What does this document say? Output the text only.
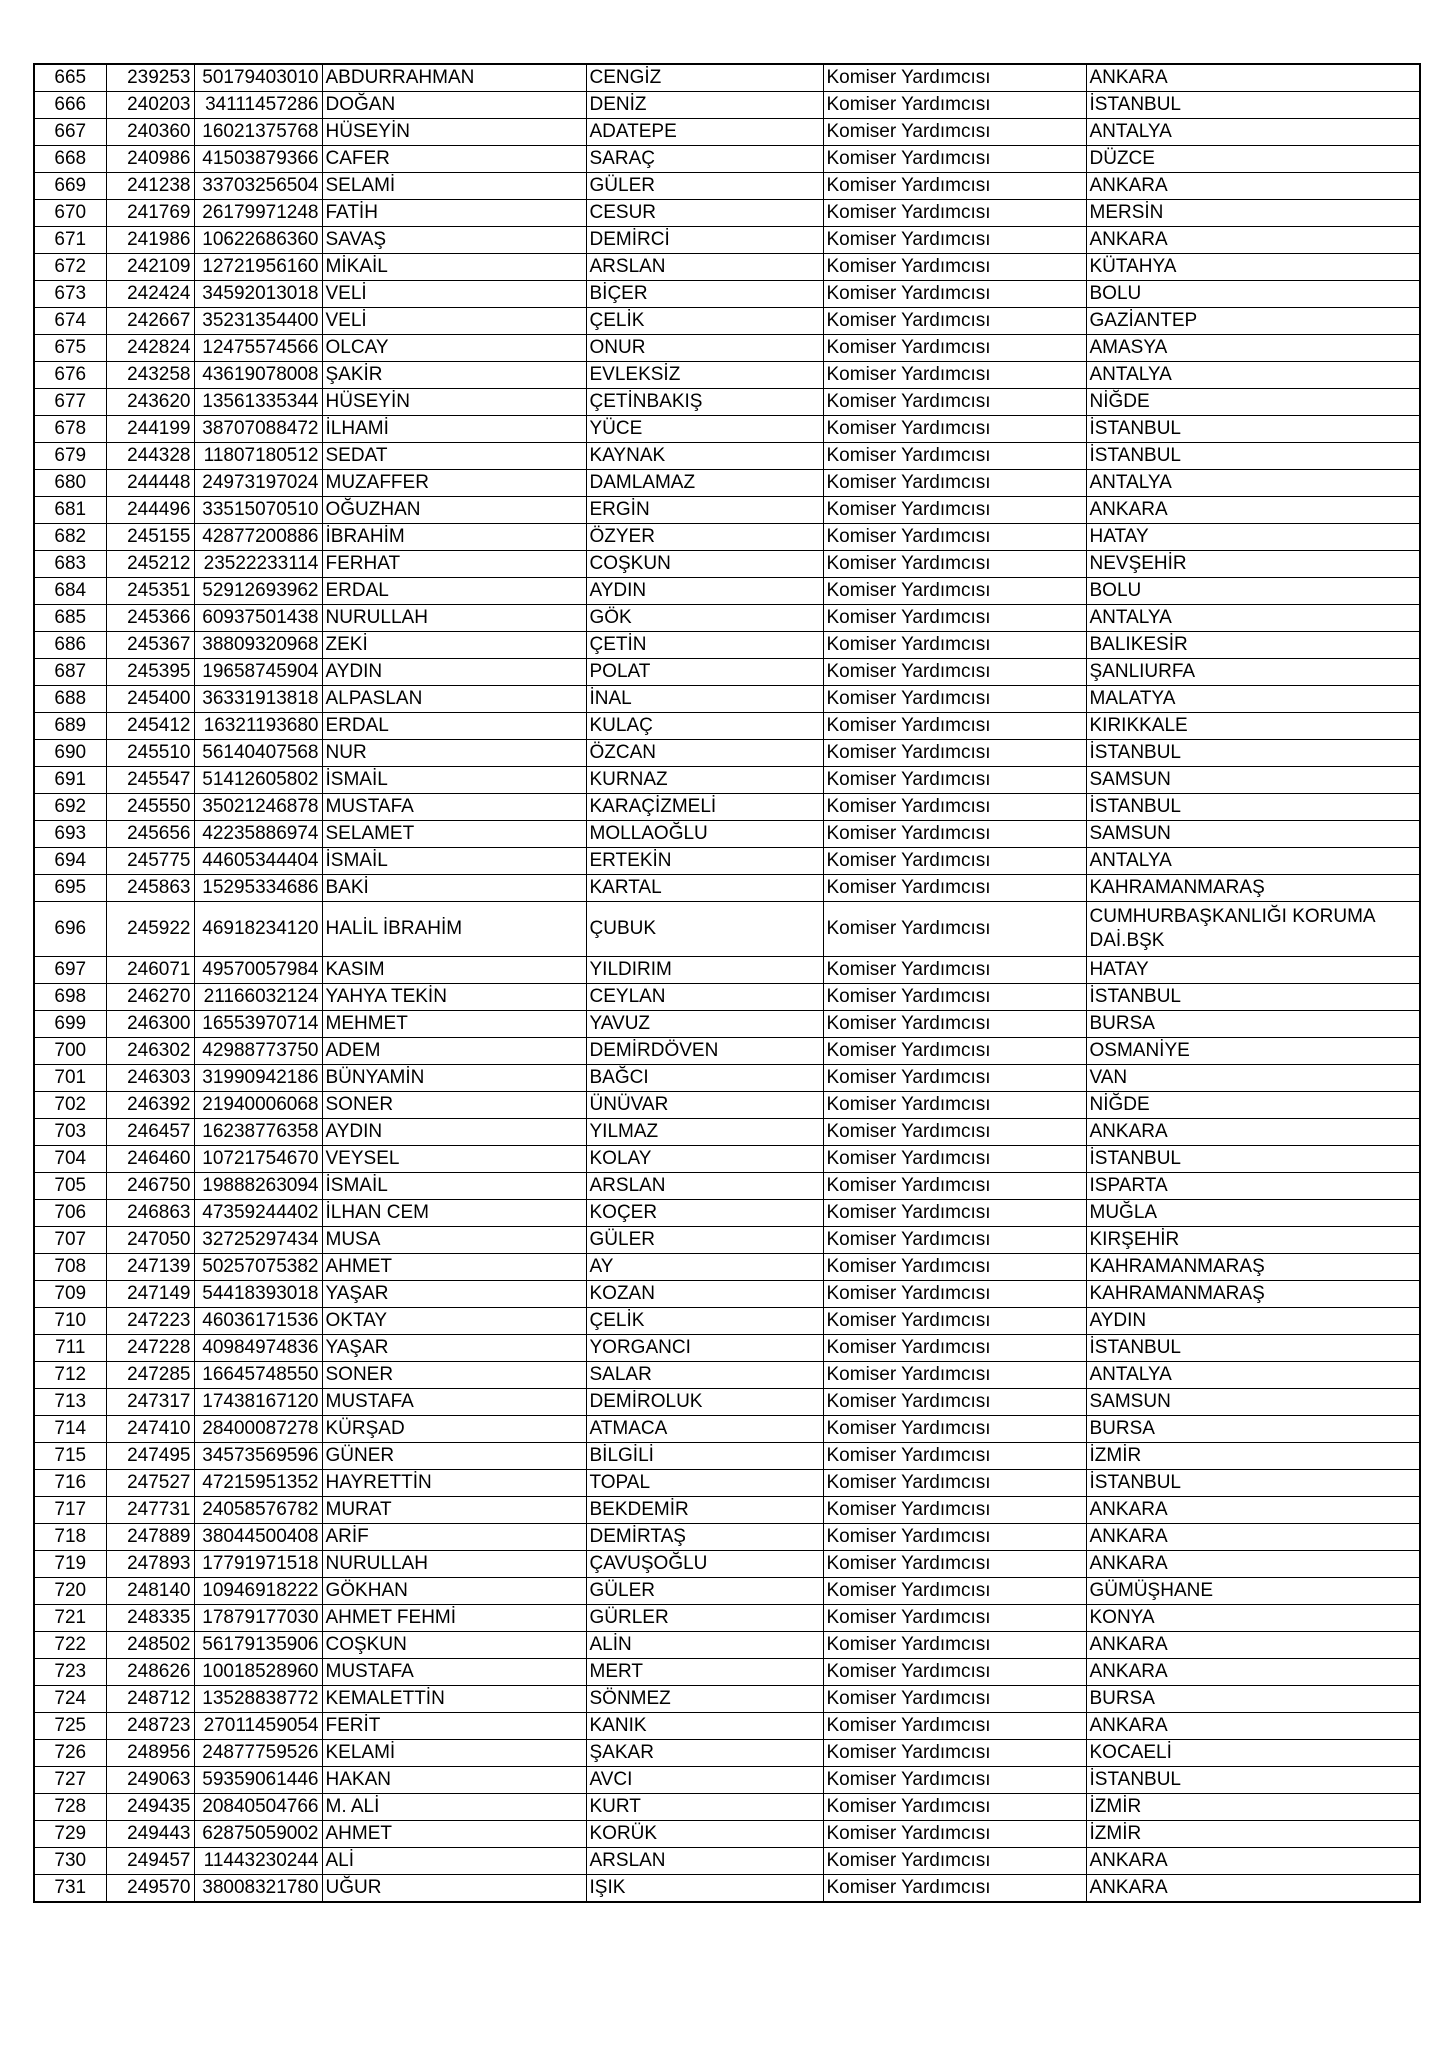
665	239253	50179403010	ABDURRAHMAN	CENGİZ	Komiser Yardımcısı	ANKARA
666	240203	34111457286	DOĞAN	DENİZ	Komiser Yardımcısı	İSTANBUL
667	240360	16021375768	HÜSEYİN	ADATEPE	Komiser Yardımcısı	ANTALYA
668	240986	41503879366	CAFER	SARAÇ	Komiser Yardımcısı	DÜZCE
669	241238	33703256504	SELAMİ	GÜLER	Komiser Yardımcısı	ANKARA
670	241769	26179971248	FATİH	CESUR	Komiser Yardımcısı	MERSİN
671	241986	10622686360	SAVAŞ	DEMİRCİ	Komiser Yardımcısı	ANKARA
672	242109	12721956160	MİKAİL	ARSLAN	Komiser Yardımcısı	KÜTAHYA
673	242424	34592013018	VELİ	BİÇER	Komiser Yardımcısı	BOLU
674	242667	35231354400	VELİ	ÇELİK	Komiser Yardımcısı	GAZİANTEP
675	242824	12475574566	OLCAY	ONUR	Komiser Yardımcısı	AMASYA
676	243258	43619078008	ŞAKİR	EVLEKSİZ	Komiser Yardımcısı	ANTALYA
677	243620	13561335344	HÜSEYİN	ÇETİNBAKIŞ	Komiser Yardımcısı	NİĞDE
678	244199	38707088472	İLHAMİ	YÜCE	Komiser Yardımcısı	İSTANBUL
679	244328	11807180512	SEDAT	KAYNAK	Komiser Yardımcısı	İSTANBUL
680	244448	24973197024	MUZAFFER	DAMLAMAZ	Komiser Yardımcısı	ANTALYA
681	244496	33515070510	OĞUZHAN	ERGİN	Komiser Yardımcısı	ANKARA
682	245155	42877200886	İBRAHİM	ÖZYER	Komiser Yardımcısı	HATAY
683	245212	23522233114	FERHAT	COŞKUN	Komiser Yardımcısı	NEVŞEHİR
684	245351	52912693962	ERDAL	AYDIN	Komiser Yardımcısı	BOLU
685	245366	60937501438	NURULLAH	GÖK	Komiser Yardımcısı	ANTALYA
686	245367	38809320968	ZEKİ	ÇETİN	Komiser Yardımcısı	BALIKESİR
687	245395	19658745904	AYDIN	POLAT	Komiser Yardımcısı	ŞANLIURFA
688	245400	36331913818	ALPASLAN	İNAL	Komiser Yardımcısı	MALATYA
689	245412	16321193680	ERDAL	KULAÇ	Komiser Yardımcısı	KIRIKKALE
690	245510	56140407568	NUR	ÖZCAN	Komiser Yardımcısı	İSTANBUL
691	245547	51412605802	İSMAİL	KURNAZ	Komiser Yardımcısı	SAMSUN
692	245550	35021246878	MUSTAFA	KARAÇİZMELİ	Komiser Yardımcısı	İSTANBUL
693	245656	42235886974	SELAMET	MOLLAOĞLU	Komiser Yardımcısı	SAMSUN
694	245775	44605344404	İSMAİL	ERTEKİN	Komiser Yardımcısı	ANTALYA
695	245863	15295334686	BAKİ	KARTAL	Komiser Yardımcısı	KAHRAMANMARAŞ
696	245922	46918234120	HALİL İBRAHİM	ÇUBUK	Komiser Yardımcısı	CUMHURBAŞKANLIĞI KORUMA DAİ.BŞK
697	246071	49570057984	KASIM	YILDIRIM	Komiser Yardımcısı	HATAY
698	246270	21166032124	YAHYA TEKİN	CEYLAN	Komiser Yardımcısı	İSTANBUL
699	246300	16553970714	MEHMET	YAVUZ	Komiser Yardımcısı	BURSA
700	246302	42988773750	ADEM	DEMİRDÖVEN	Komiser Yardımcısı	OSMANİYE
701	246303	31990942186	BÜNYAMİN	BAĞCI	Komiser Yardımcısı	VAN
702	246392	21940006068	SONER	ÜNÜVAR	Komiser Yardımcısı	NİĞDE
703	246457	16238776358	AYDIN	YILMAZ	Komiser Yardımcısı	ANKARA
704	246460	10721754670	VEYSEL	KOLAY	Komiser Yardımcısı	İSTANBUL
705	246750	19888263094	İSMAİL	ARSLAN	Komiser Yardımcısı	ISPARTA
706	246863	47359244402	İLHAN CEM	KOÇER	Komiser Yardımcısı	MUĞLA
707	247050	32725297434	MUSA	GÜLER	Komiser Yardımcısı	KIRŞEHİR
708	247139	50257075382	AHMET	AY	Komiser Yardımcısı	KAHRAMANMARAŞ
709	247149	54418393018	YAŞAR	KOZAN	Komiser Yardımcısı	KAHRAMANMARAŞ
710	247223	46036171536	OKTAY	ÇELİK	Komiser Yardımcısı	AYDIN
711	247228	40984974836	YAŞAR	YORGANCI	Komiser Yardımcısı	İSTANBUL
712	247285	16645748550	SONER	SALAR	Komiser Yardımcısı	ANTALYA
713	247317	17438167120	MUSTAFA	DEMİROLUK	Komiser Yardımcısı	SAMSUN
714	247410	28400087278	KÜRŞAD	ATMACA	Komiser Yardımcısı	BURSA
715	247495	34573569596	GÜNER	BİLGİLİ	Komiser Yardımcısı	İZMİR
716	247527	47215951352	HAYRETTİN	TOPAL	Komiser Yardımcısı	İSTANBUL
717	247731	24058576782	MURAT	BEKDEMİR	Komiser Yardımcısı	ANKARA
718	247889	38044500408	ARİF	DEMİRTAŞ	Komiser Yardımcısı	ANKARA
719	247893	17791971518	NURULLAH	ÇAVUŞOĞLU	Komiser Yardımcısı	ANKARA
720	248140	10946918222	GÖKHAN	GÜLER	Komiser Yardımcısı	GÜMÜŞHANE
721	248335	17879177030	AHMET FEHMİ	GÜRLER	Komiser Yardımcısı	KONYA
722	248502	56179135906	COŞKUN	ALİN	Komiser Yardımcısı	ANKARA
723	248626	10018528960	MUSTAFA	MERT	Komiser Yardımcısı	ANKARA
724	248712	13528838772	KEMALETTİN	SÖNMEZ	Komiser Yardımcısı	BURSA
725	248723	27011459054	FERİT	KANIK	Komiser Yardımcısı	ANKARA
726	248956	24877759526	KELAMİ	ŞAKAR	Komiser Yardımcısı	KOCAELİ
727	249063	59359061446	HAKAN	AVCI	Komiser Yardımcısı	İSTANBUL
728	249435	20840504766	M. ALİ	KURT	Komiser Yardımcısı	İZMİR
729	249443	62875059002	AHMET	KORÜK	Komiser Yardımcısı	İZMİR
730	249457	11443230244	ALİ	ARSLAN	Komiser Yardımcısı	ANKARA
731	249570	38008321780	UĞUR	IŞIK	Komiser Yardımcısı	ANKARA
